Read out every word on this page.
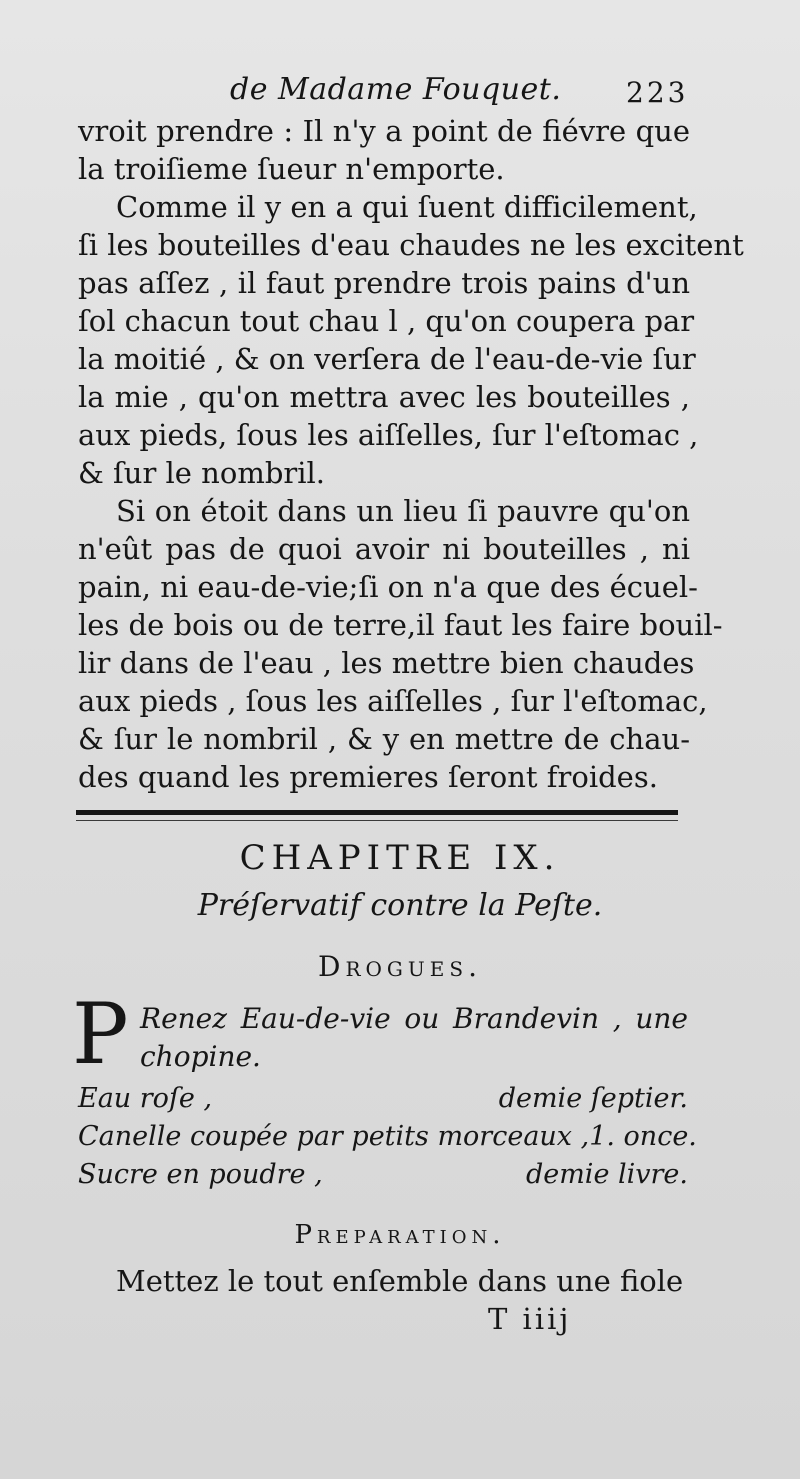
de Madame Fouquet. 223
vroit prendre : Il n'y a point de fiévre que
la troiſieme ſueur n'emporte.
Comme il y en a qui ſuent difficilement,
ſi les bouteilles d'eau chaudes ne les excitent
pas aſſez , il faut prendre trois pains d'un
ſol chacun tout chau l , qu'on coupera par
la moitié , & on verſera de l'eau-de-vie ſur
la mie , qu'on mettra avec les bouteilles ,
aux pieds, ſous les aiſſelles, ſur l'eſtomac ,
& ſur le nombril.
Si on étoit dans un lieu ſi pauvre qu'on
n'eût pas de quoi avoir ni bouteilles , ni
pain, ni eau-de-vie;ſi on n'a que des écuel-
les de bois ou de terre,il faut les faire bouil-
lir dans de l'eau , les mettre bien chaudes
aux pieds , ſous les aiſſelles , ſur l'eſtomac,
& ſur le nombril , & y en mettre de chau-
des quand les premieres ſeront froides.
CHAPITRE IX.
Préſervatif contre la Peſte.
Drogues.
P Renez Eau-de-vie ou Brandevin , une
chopine.
Eau roſe ,	demie ſeptier.
Canelle coupée par petits morceaux , 1. once.
Sucre en poudre ,	demie livre.
Preparation.
Mettez le tout enſemble dans une fiole
T iiij
